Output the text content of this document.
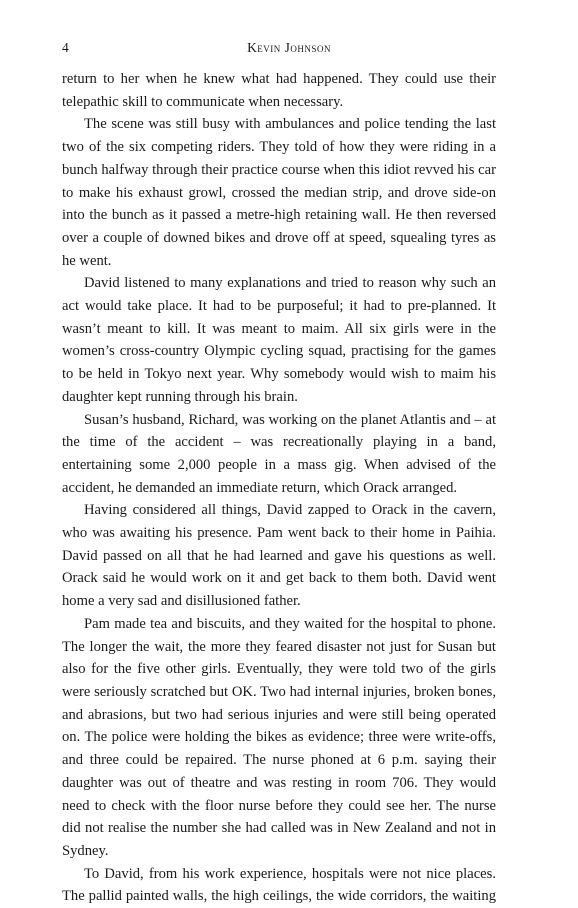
4	Kevin Johnson

return to her when he knew what had happened. They could use their telepathic skill to communicate when necessary.

The scene was still busy with ambulances and police tending the last two of the six competing riders. They told of how they were riding in a bunch halfway through their practice course when this idiot revved his car to make his exhaust growl, crossed the median strip, and drove side-on into the bunch as it passed a metre-high retaining wall. He then reversed over a couple of downed bikes and drove off at speed, squealing tyres as he went.

David listened to many explanations and tried to reason why such an act would take place. It had to be purposeful; it had to pre-planned. It wasn’t meant to kill. It was meant to maim. All six girls were in the women’s cross-country Olympic cycling squad, practising for the games to be held in Tokyo next year. Why somebody would wish to maim his daughter kept running through his brain.

Susan’s husband, Richard, was working on the planet Atlantis and – at the time of the accident – was recreationally playing in a band, entertaining some 2,000 people in a mass gig. When advised of the accident, he demanded an immediate return, which Orack arranged.

Having considered all things, David zapped to Orack in the cavern, who was awaiting his presence. Pam went back to their home in Paihia. David passed on all that he had learned and gave his questions as well. Orack said he would work on it and get back to them both. David went home a very sad and disillusioned father.

Pam made tea and biscuits, and they waited for the hospital to phone. The longer the wait, the more they feared disaster not just for Susan but also for the five other girls. Eventually, they were told two of the girls were seriously scratched but OK. Two had internal injuries, broken bones, and abrasions, but two had serious injuries and were still being operated on. The police were holding the bikes as evidence; three were write-offs, and three could be repaired. The nurse phoned at 6 p.m. saying their daughter was out of theatre and was resting in room 706. They would need to check with the floor nurse before they could see her. The nurse did not realise the number she had called was in New Zealand and not in Sydney.

To David, from his work experience, hospitals were not nice places. The pallid painted walls, the high ceilings, the wide corridors, the waiting
